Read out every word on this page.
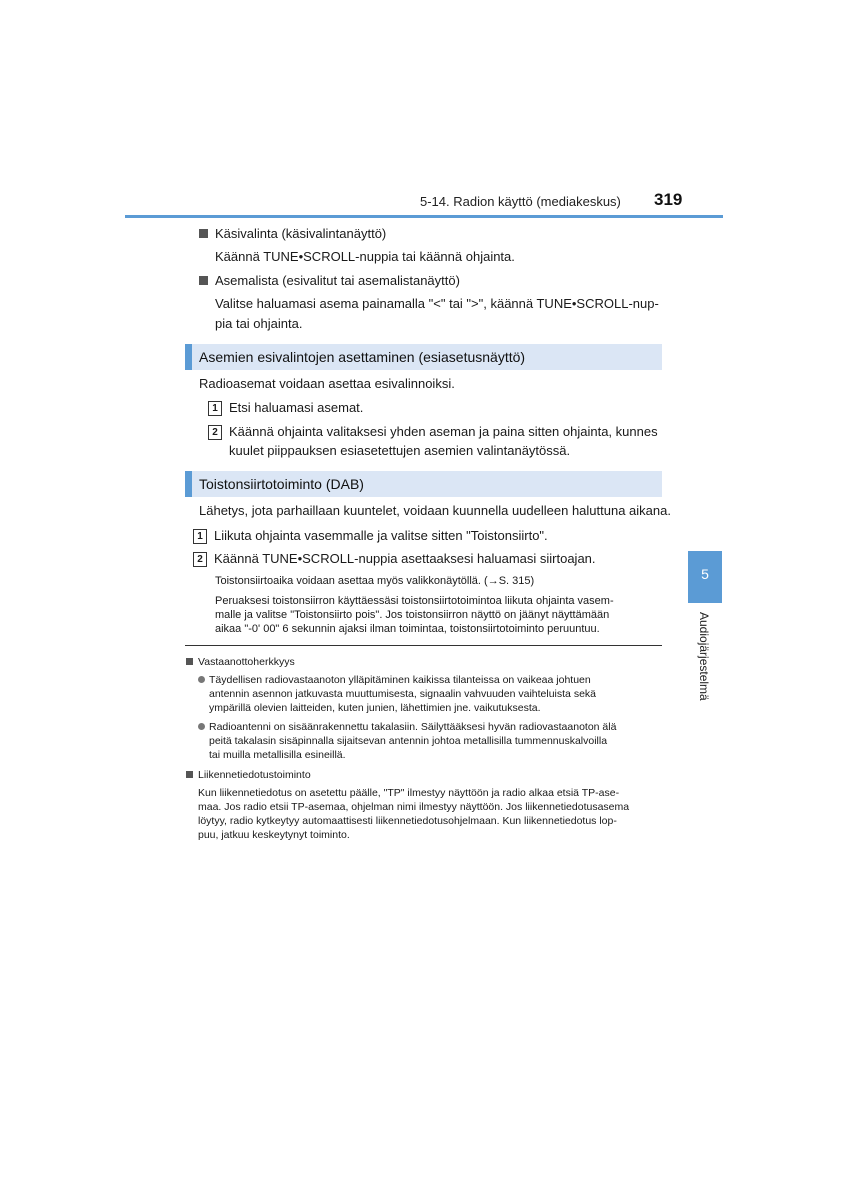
5-14. Radion käyttö (mediakeskus) 319
5
Audiojärjestelmä
Käsivalinta (käsivalintanäyttö)
Käännä TUNE•SCROLL-nuppia tai käännä ohjainta.
Asemalista (esivalitut tai asemalistanäyttö)
Valitse haluamasi asema painamalla "<" tai ">", käännä TUNE•SCROLL-nup-
pia tai ohjainta.
Asemien esivalintojen asettaminen (esiasetusnäyttö)
Radioasemat voidaan asettaa esivalinnoiksi.
1 Etsi haluamasi asemat.
2 Käännä ohjainta valitaksesi yhden aseman ja paina sitten ohjainta, kunnes
kuulet piippauksen esiasetettujen asemien valintanäytössä.
Toistonsiirtotoiminto (DAB)
Lähetys, jota parhaillaan kuuntelet, voidaan kuunnella uudelleen haluttuna aikana.
1 Liikuta ohjainta vasemmalle ja valitse sitten "Toistonsiirto".
2 Käännä TUNE•SCROLL-nuppia asettaaksesi haluamasi siirtoajan.
Toistonsiirtoaika voidaan asettaa myös valikkonäytöllä. (→S. 315)
Peruaksesi toistonsiirron käyttäessäsi toistonsiirtotoimintoa liikuta ohjainta vasem-
malle ja valitse "Toistonsiirto pois". Jos toistonsiirron näyttö on jäänyt näyttämään
aikaa "-0' 00" 6 sekunnin ajaksi ilman toimintaa, toistonsiirtotoiminto peruuntuu.
Vastaanottoherkkyys
Täydellisen radiovastaanoton ylläpitäminen kaikissa tilanteissa on vaikeaa johtuen
antennin asennon jatkuvasta muuttumisesta, signaalin vahvuuden vaihteluista sekä
ympärillä olevien laitteiden, kuten junien, lähettimien jne. vaikutuksesta.
Radioantenni on sisäänrakennettu takalasiin. Säilyttääksesi hyvän radiovastaanoton älä
peitä takalasin sisäpinnalla sijaitsevan antennin johtoa metallisilla tummennuskalvoilla
tai muilla metallisilla esineillä.
Liikennetiedotustoiminto
Kun liikennetiedotus on asetettu päälle, "TP" ilmestyy näyttöön ja radio alkaa etsiä TP-ase-
maa. Jos radio etsii TP-asemaa, ohjelman nimi ilmestyy näyttöön. Jos liikennetiedotusasema
löytyy, radio kytkeytyy automaattisesti liikennetiedotusohjelmaan. Kun liikennetiedotus lop-
puu, jatkuu keskeytynyt toiminto.
